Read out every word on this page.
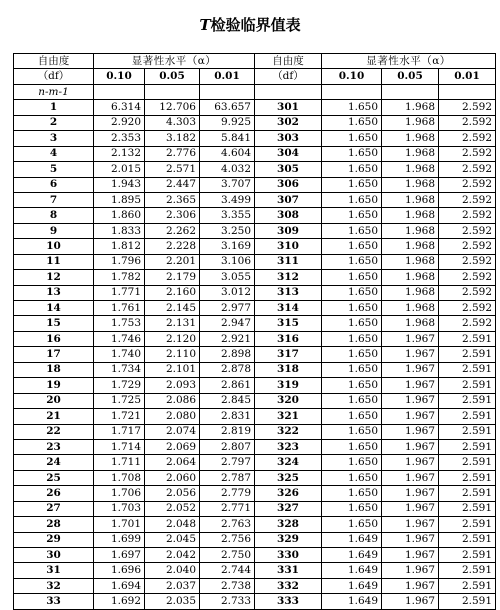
T检验临界值表
自由度	显著性水平（α）			自由度	显著性水平（α）		
（df）	0.10	0.05	0.01	（df）	0.10	0.05	0.01
n-m-1							
1	6.314	12.706	63.657	301	1.650	1.968	2.592
2	2.920	4.303	9.925	302	1.650	1.968	2.592
3	2.353	3.182	5.841	303	1.650	1.968	2.592
4	2.132	2.776	4.604	304	1.650	1.968	2.592
5	2.015	2.571	4.032	305	1.650	1.968	2.592
6	1.943	2.447	3.707	306	1.650	1.968	2.592
7	1.895	2.365	3.499	307	1.650	1.968	2.592
8	1.860	2.306	3.355	308	1.650	1.968	2.592
9	1.833	2.262	3.250	309	1.650	1.968	2.592
10	1.812	2.228	3.169	310	1.650	1.968	2.592
11	1.796	2.201	3.106	311	1.650	1.968	2.592
12	1.782	2.179	3.055	312	1.650	1.968	2.592
13	1.771	2.160	3.012	313	1.650	1.968	2.592
14	1.761	2.145	2.977	314	1.650	1.968	2.592
15	1.753	2.131	2.947	315	1.650	1.968	2.592
16	1.746	2.120	2.921	316	1.650	1.967	2.591
17	1.740	2.110	2.898	317	1.650	1.967	2.591
18	1.734	2.101	2.878	318	1.650	1.967	2.591
19	1.729	2.093	2.861	319	1.650	1.967	2.591
20	1.725	2.086	2.845	320	1.650	1.967	2.591
21	1.721	2.080	2.831	321	1.650	1.967	2.591
22	1.717	2.074	2.819	322	1.650	1.967	2.591
23	1.714	2.069	2.807	323	1.650	1.967	2.591
24	1.711	2.064	2.797	324	1.650	1.967	2.591
25	1.708	2.060	2.787	325	1.650	1.967	2.591
26	1.706	2.056	2.779	326	1.650	1.967	2.591
27	1.703	2.052	2.771	327	1.650	1.967	2.591
28	1.701	2.048	2.763	328	1.650	1.967	2.591
29	1.699	2.045	2.756	329	1.649	1.967	2.591
30	1.697	2.042	2.750	330	1.649	1.967	2.591
31	1.696	2.040	2.744	331	1.649	1.967	2.591
32	1.694	2.037	2.738	332	1.649	1.967	2.591
33	1.692	2.035	2.733	333	1.649	1.967	2.591
